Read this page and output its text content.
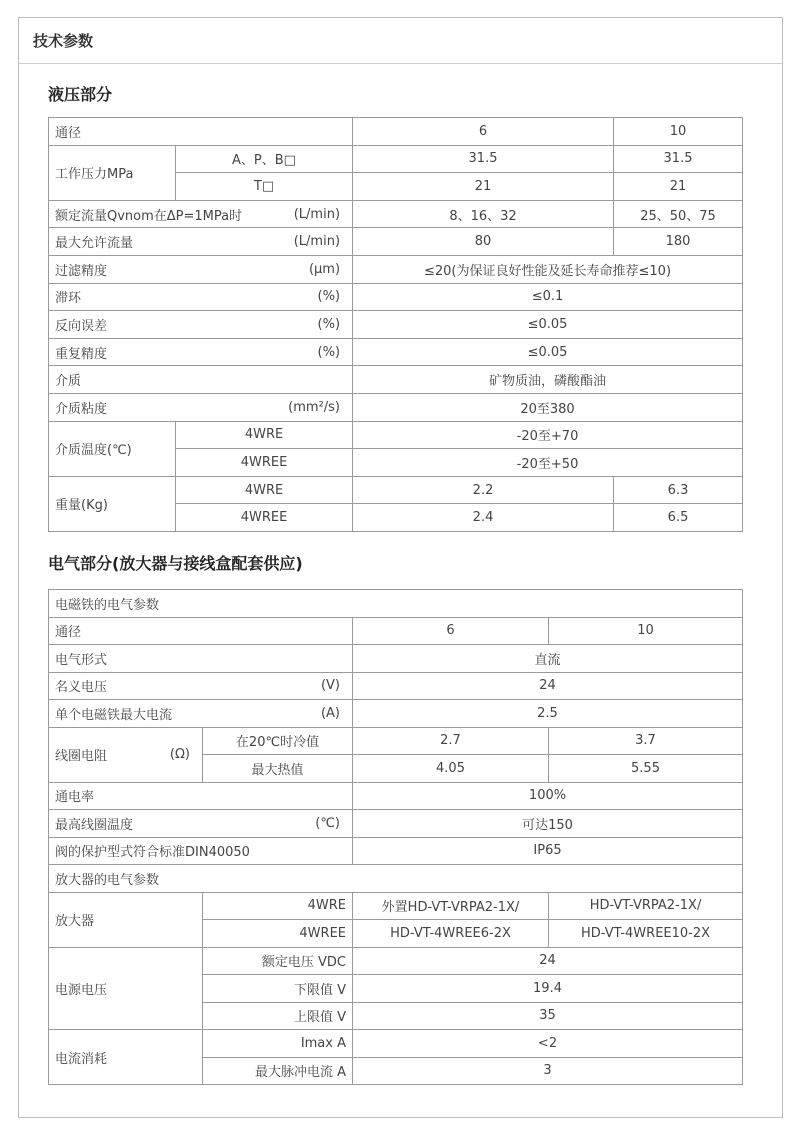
技术参数
液压部分
通径		6	10
工作压力MPa	A、P、B□	31.5	31.5
	T□	21	21

额定流量Qvnom在ΔP=1MPa时 (L/min)		8、16、32	25、50、75

最大允许流量 (L/min)		80	180

过滤精度 (μm)		≤20(为保证良好性能及延长寿命推荐≤10)	

滞环 (%)		≤0.1	

反向误差 (%)		≤0.05	

重复精度 (%)		≤0.05	
介质		矿物质油，磷酸酯油	

介质粘度 (mm²/s)		20至380	
介质温度(℃)	4WRE	-20至+70	
	4WREE	-20至+50	
重量(Kg)	4WRE	2.2	6.3
	4WREE	2.4	6.5
电气部分(放大器与接线盒配套供应)
电磁铁的电气参数			
通径		6	10
电气形式		直流	

名义电压 (V)		24	

单个电磁铁最大电流 (A)		2.5	

线圈电阻 (Ω)	在20℃时冷值	2.7	3.7
	最大热值	4.05	5.55
通电率		100%	

最高线圈温度 (℃)		可达150	
阀的保护型式符合标准DIN40050		IP65	
放大器的电气参数			
放大器	4WRE	外置HD-VT-VRPA2-1X/	HD-VT-VRPA2-1X/
	4WREE	HD-VT-4WREE6-2X	HD-VT-4WREE10-2X
电源电压	额定电压 VDC	24	
	下限值 V	19.4	
	上限值 V	35	
电流消耗	Imax A	<2	
	最大脉冲电流 A	3	
